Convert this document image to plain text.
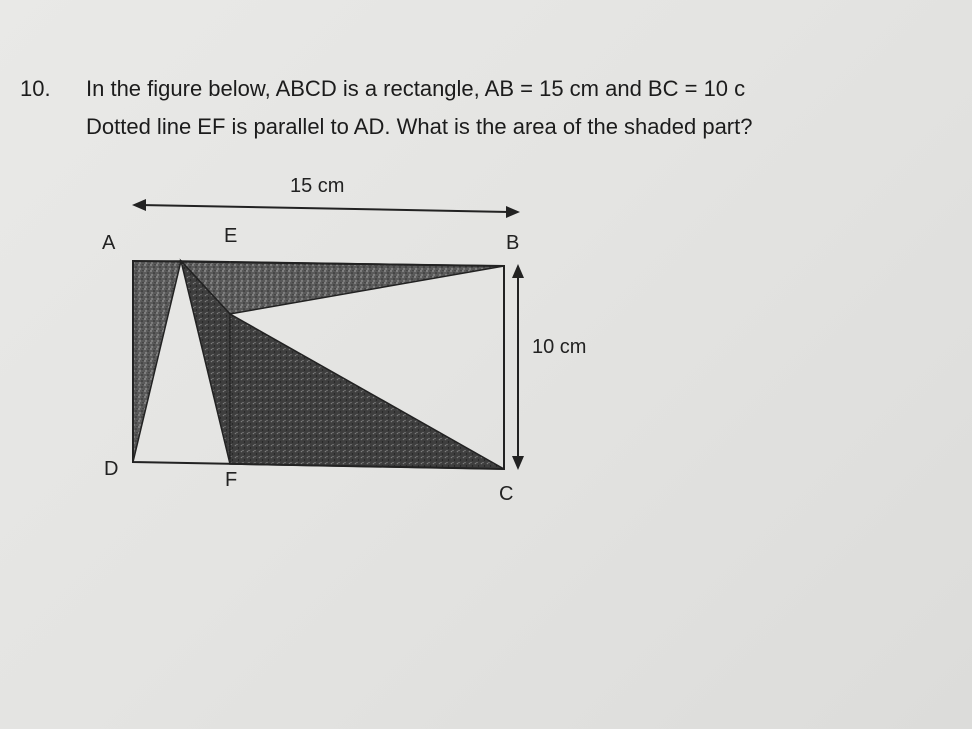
10. In the figure below, ABCD is a rectangle, AB = 15 cm and BC = 10 c
Dotted line EF is parallel to AD. What is the area of the shaded part?
15 cm
10 cm
A	E	B
D	F
C
